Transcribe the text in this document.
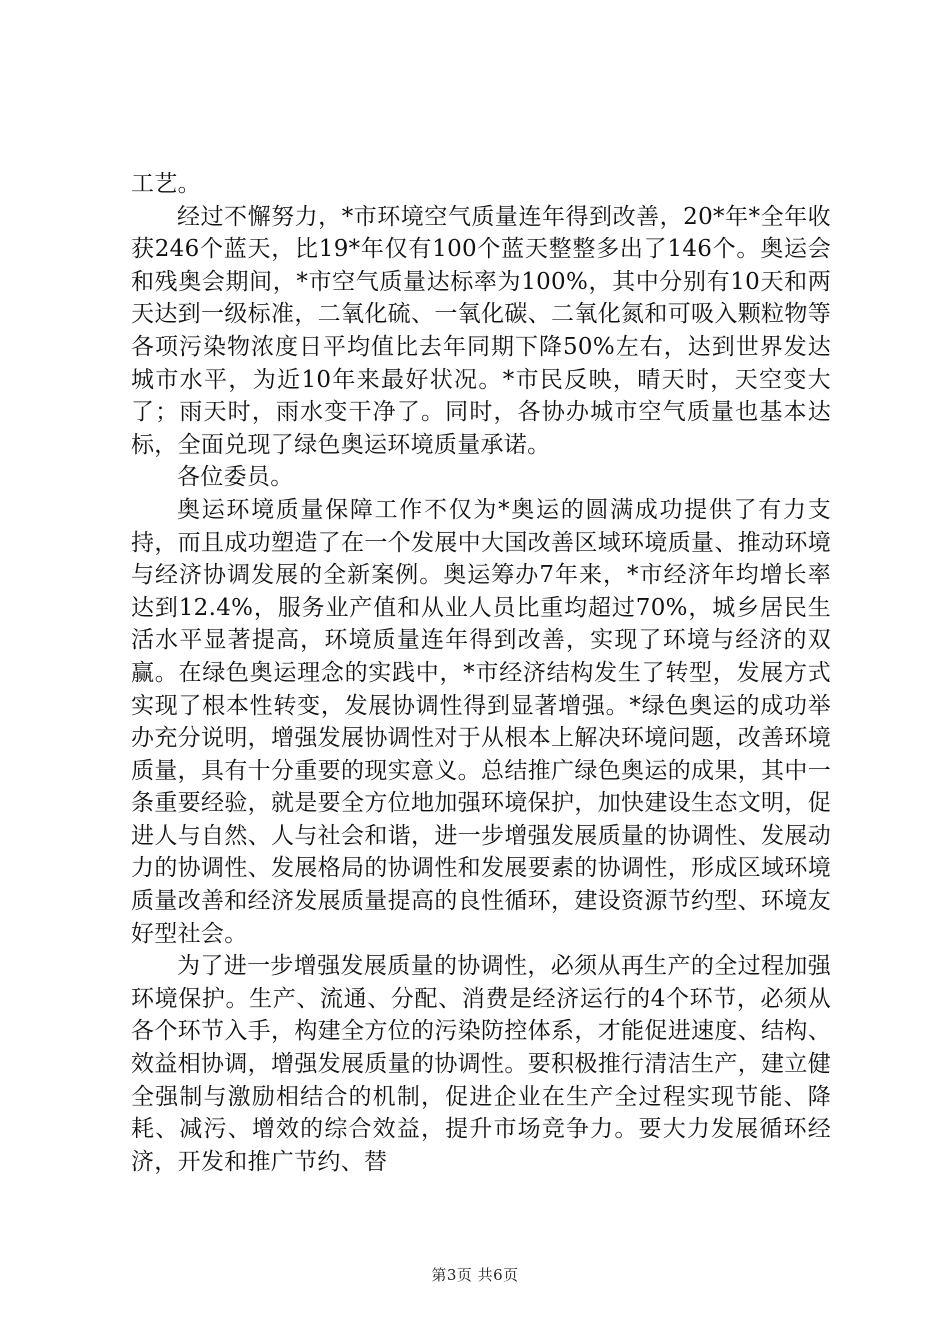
工艺。

经过不懈努力，*市环境空气质量连年得到改善，20*年*全年收获246个蓝天，比19*年仅有100个蓝天整整多出了146个。奥运会和残奥会期间，*市空气质量达标率为100%，其中分别有10天和两天达到一级标准，二氧化硫、一氧化碳、二氧化氮和可吸入颗粒物等各项污染物浓度日平均值比去年同期下降50%左右，达到世界发达城市水平，为近10年来最好状况。*市民反映，晴天时，天空变大了；雨天时，雨水变干净了。同时，各协办城市空气质量也基本达标，全面兑现了绿色奥运环境质量承诺。

各位委员。

奥运环境质量保障工作不仅为*奥运的圆满成功提供了有力支持，而且成功塑造了在一个发展中大国改善区域环境质量、推动环境与经济协调发展的全新案例。奥运筹办7年来，*市经济年均增长率达到12.4%，服务业产值和从业人员比重均超过70%，城乡居民生活水平显著提高，环境质量连年得到改善，实现了环境与经济的双赢。在绿色奥运理念的实践中，*市经济结构发生了转型，发展方式实现了根本性转变，发展协调性得到显著增强。*绿色奥运的成功举办充分说明，增强发展协调性对于从根本上解决环境问题，改善环境质量，具有十分重要的现实意义。总结推广绿色奥运的成果，其中一条重要经验，就是要全方位地加强环境保护，加快建设生态文明，促进人与自然、人与社会和谐，进一步增强发展质量的协调性、发展动力的协调性、发展格局的协调性和发展要素的协调性，形成区域环境质量改善和经济发展质量提高的良性循环，建设资源节约型、环境友好型社会。

为了进一步增强发展质量的协调性，必须从再生产的全过程加强环境保护。生产、流通、分配、消费是经济运行的4个环节，必须从各个环节入手，构建全方位的污染防控体系，才能促进速度、结构、效益相协调，增强发展质量的协调性。要积极推行清洁生产，建立健全强制与激励相结合的机制，促进企业在生产全过程实现节能、降耗、减污、增效的综合效益，提升市场竞争力。要大力发展循环经济，开发和推广节约、替

第3页 共6页
